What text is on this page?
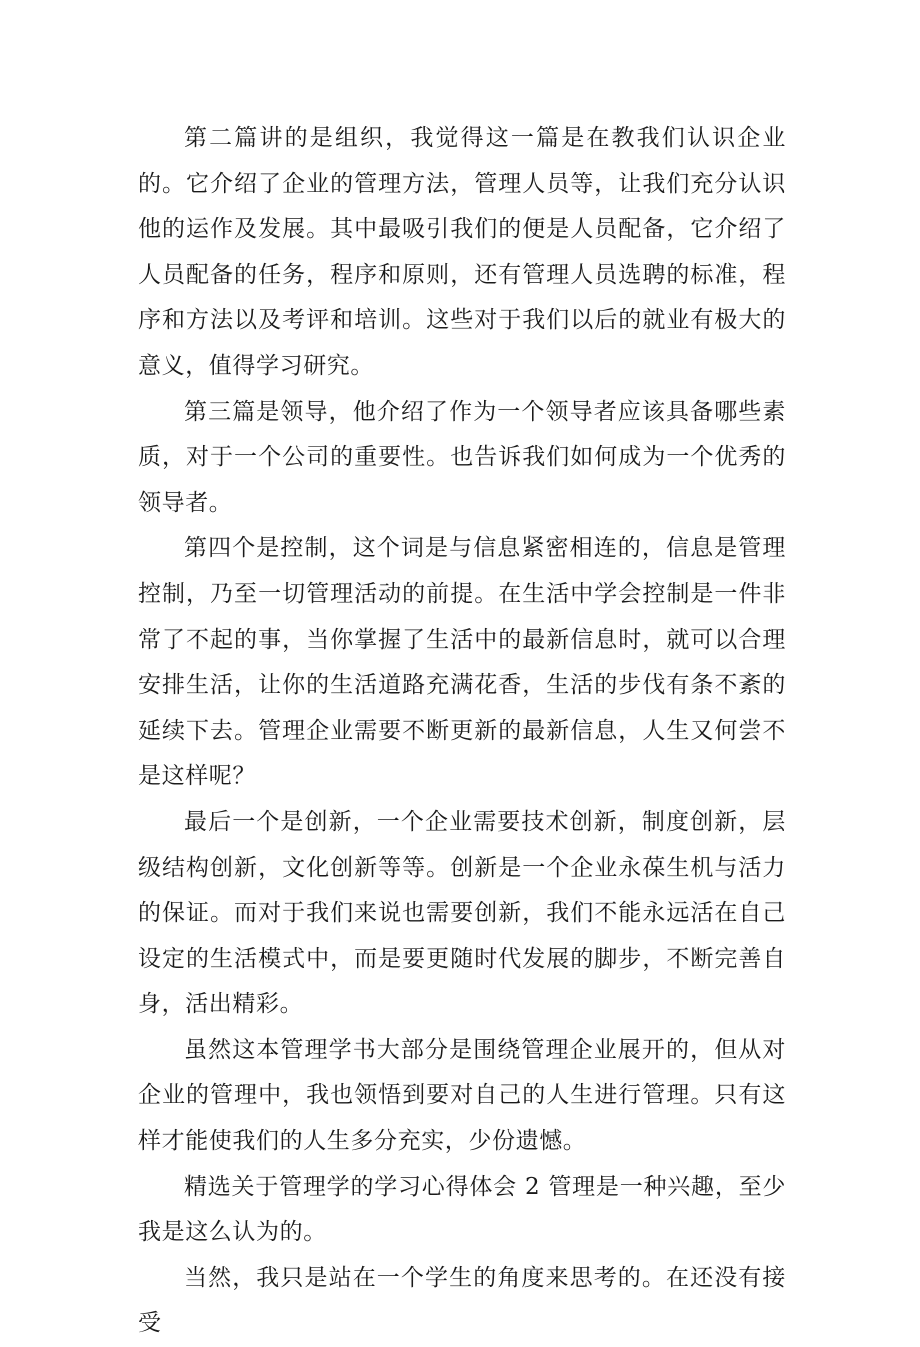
第二篇讲的是组织，我觉得这一篇是在教我们认识企业的。它介绍了企业的管理方法，管理人员等，让我们充分认识他的运作及发展。其中最吸引我们的便是人员配备，它介绍了人员配备的任务，程序和原则，还有管理人员选聘的标准，程序和方法以及考评和培训。这些对于我们以后的就业有极大的意义，值得学习研究。

第三篇是领导，他介绍了作为一个领导者应该具备哪些素质，对于一个公司的重要性。也告诉我们如何成为一个优秀的领导者。

第四个是控制，这个词是与信息紧密相连的，信息是管理控制，乃至一切管理活动的前提。在生活中学会控制是一件非常了不起的事，当你掌握了生活中的最新信息时，就可以合理安排生活，让你的生活道路充满花香，生活的步伐有条不紊的延续下去。管理企业需要不断更新的最新信息，人生又何尝不是这样呢？

最后一个是创新，一个企业需要技术创新，制度创新，层级结构创新，文化创新等等。创新是一个企业永葆生机与活力的保证。而对于我们来说也需要创新，我们不能永远活在自己设定的生活模式中，而是要更随时代发展的脚步，不断完善自身，活出精彩。

虽然这本管理学书大部分是围绕管理企业展开的，但从对企业的管理中，我也领悟到要对自己的人生进行管理。只有这样才能使我们的人生多分充实，少份遗憾。

精选关于管理学的学习心得体会 2 管理是一种兴趣，至少我是这么认为的。

当然，我只是站在一个学生的角度来思考的。在还没有接受
